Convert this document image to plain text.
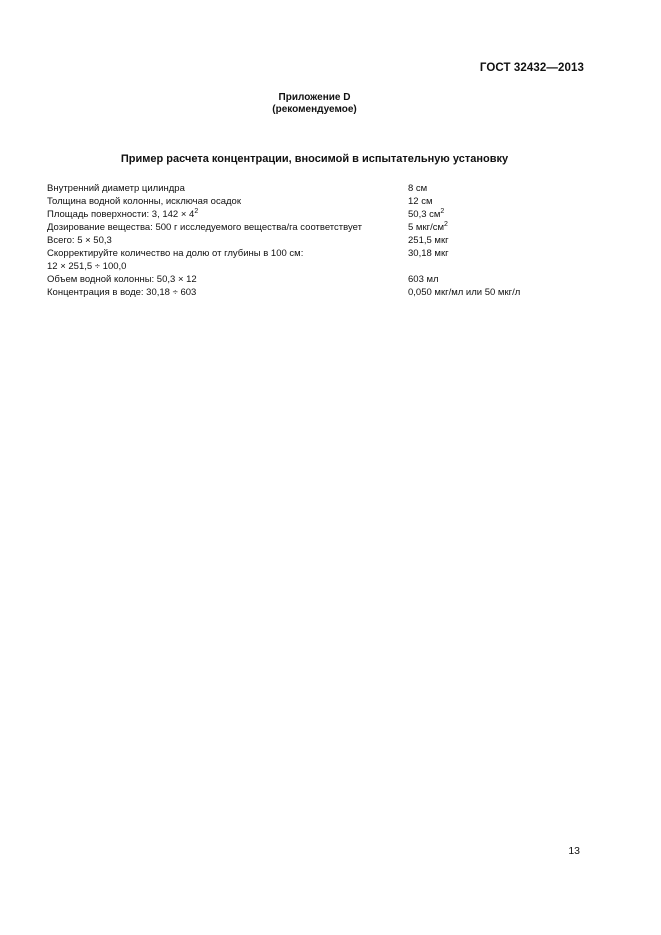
ГОСТ 32432—2013
Приложение D
(рекомендуемое)
Пример расчета концентрации, вносимой в испытательную установку
Внутренний диаметр цилиндра	8 см
Толщина водной колонны, исключая осадок	12 см
Площадь поверхности: 3, $142 \times 4^2$	50,3 $см^2$
Дозирование вещества: 500 г исследуемого вещества/га соответствует	5 мкг/$см^2$
Всего: 5 × 50,3	251,5 мкг
Скорректируйте количество на долю от глубины в 100 см:	30,18 мкг
12 × 251,5 ÷ 100,0
Объем водной колонны: 50,3 × 12	603 мл
Концентрация в воде: 30,18 ÷ 603	0,050 мкг/мл или 50 мкг/л
13
